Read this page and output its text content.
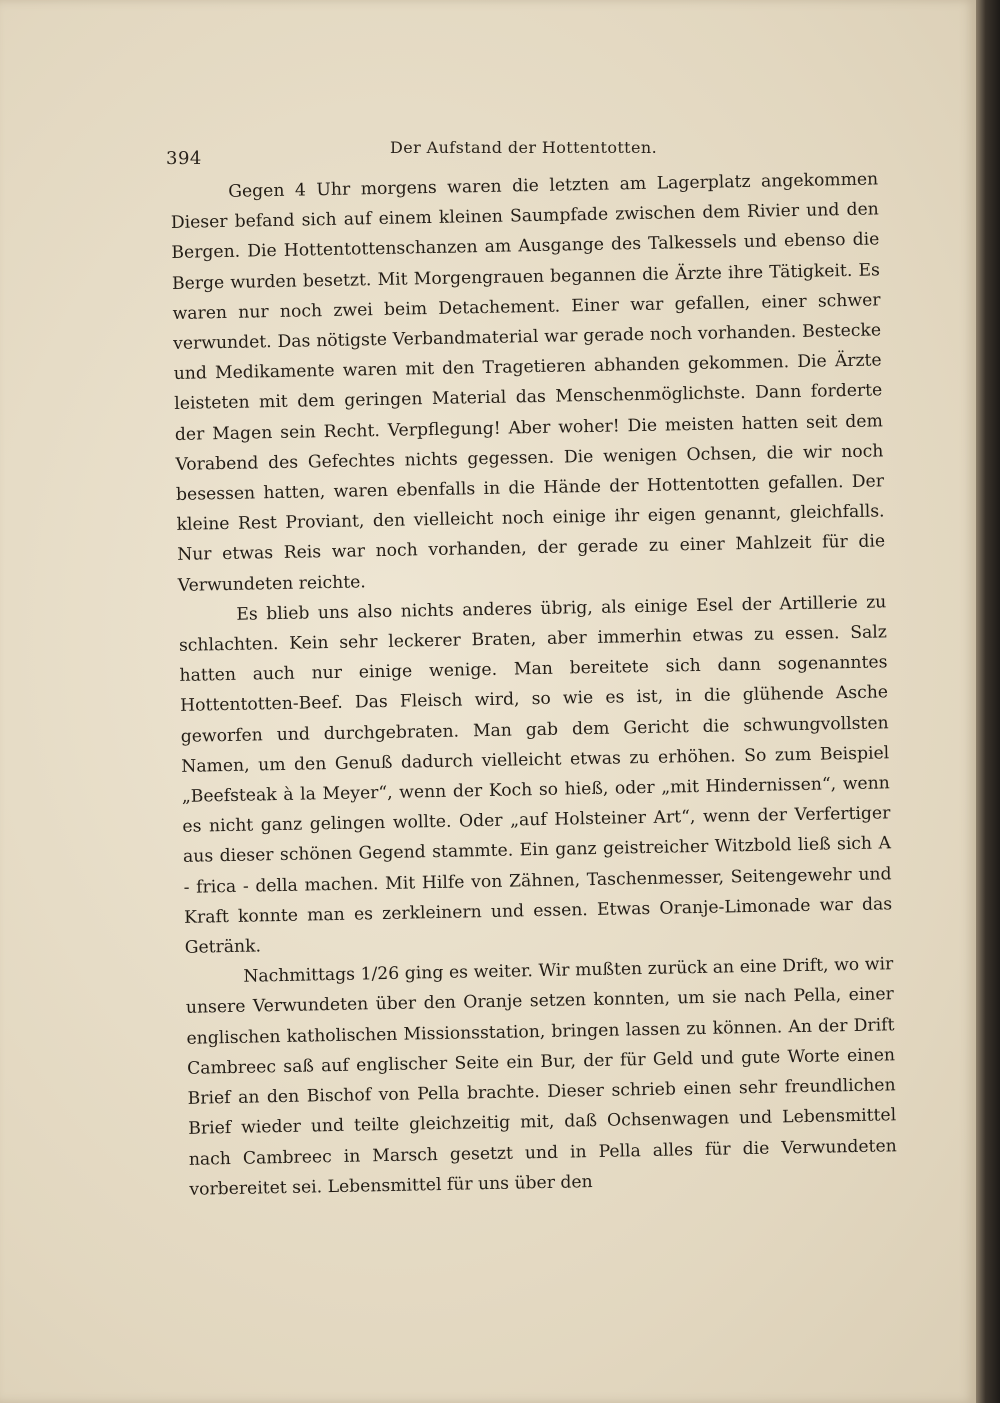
394
Der Aufstand der Hottentotten.

Gegen 4 Uhr morgens waren die letzten am Lagerplatz angekommen Dieser befand sich auf einem kleinen Saumpfade zwischen dem Rivier und den Bergen. Die Hottentottenschanzen am Ausgange des Talkessels und ebenso die Berge wurden besetzt. Mit Morgengrauen begannen die Ärzte ihre Tätigkeit. Es waren nur noch zwei beim Detachement. Einer war gefallen, einer schwer verwundet. Das nötigste Verbandmaterial war gerade noch vorhanden. Bestecke und Medikamente waren mit den Tragetieren abhanden gekommen. Die Ärzte leisteten mit dem geringen Material das Menschenmöglichste. Dann forderte der Magen sein Recht. Verpflegung! Aber woher! Die meisten hatten seit dem Vorabend des Gefechtes nichts gegessen. Die wenigen Ochsen, die wir noch besessen hatten, waren ebenfalls in die Hände der Hottentotten gefallen. Der kleine Rest Proviant, den vielleicht noch einige ihr eigen genannt, gleichfalls. Nur etwas Reis war noch vorhanden, der gerade zu einer Mahlzeit für die Verwundeten reichte.

Es blieb uns also nichts anderes übrig, als einige Esel der Artillerie zu schlachten. Kein sehr leckerer Braten, aber immerhin etwas zu essen. Salz hatten auch nur einige wenige. Man bereitete sich dann sogenanntes Hottentotten-Beef. Das Fleisch wird, so wie es ist, in die glühende Asche geworfen und durchgebraten. Man gab dem Gericht die schwungvollsten Namen, um den Genuß dadurch vielleicht etwas zu erhöhen. So zum Beispiel „Beefsteak à la Meyer“, wenn der Koch so hieß, oder „mit Hindernissen“, wenn es nicht ganz gelingen wollte. Oder „auf Holsteiner Art“, wenn der Verfertiger aus dieser schönen Gegend stammte. Ein ganz geistreicher Witzbold ließ sich A - frica - della machen. Mit Hilfe von Zähnen, Taschenmesser, Seitengewehr und Kraft konnte man es zerkleinern und essen. Etwas Oranje-Limonade war das Getränk.

Nachmittags 1/26 ging es weiter. Wir mußten zurück an eine Drift, wo wir unsere Verwundeten über den Oranje setzen konnten, um sie nach Pella, einer englischen katholischen Missionsstation, bringen lassen zu können. An der Drift Cambreec saß auf englischer Seite ein Bur, der für Geld und gute Worte einen Brief an den Bischof von Pella brachte. Dieser schrieb einen sehr freundlichen Brief wieder und teilte gleichzeitig mit, daß Ochsenwagen und Lebensmittel nach Cambreec in Marsch gesetzt und in Pella alles für die Verwundeten vorbereitet sei. Lebensmittel für uns über den
